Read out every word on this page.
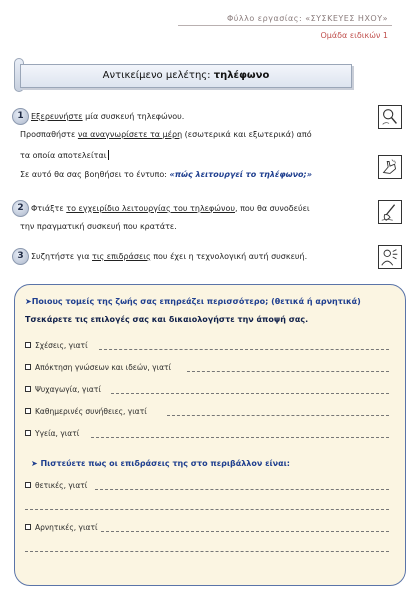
Φύλλο εργασίας: «ΣΥΣΚΕΥΕΣ ΗΧΟΥ»
Ομάδα ειδικών 1
Αντικείμενο μελέτης: τηλέφωνο
1 Εξερευνήστε μία συσκευή τηλεφώνου.
Προσπαθήστε να αναγνωρίσετε τα μέρη (εσωτερικά και εξωτερικά) από
τα οποία αποτελείται
Σε αυτό θα σας βοηθήσει το έντυπο: «πώς λειτουργεί το τηλέφωνο;»
2 Φτιάξτε το εγχειρίδιο λειτουργίας του τηλεφώνου, που θα συνοδεύει
την πραγματική συσκευή που κρατάτε.
3 Συζητήστε για τις επιδράσεις που έχει η τεχνολογική αυτή συσκευή.
➤Ποιους τομείς της ζωής σας επηρεάζει περισσότερο; (θετικά ή αρνητικά)
Τσεκάρετε τις επιλογές σας και δικαιολογήστε την άποψή σας.
Σχέσεις, γιατί
Απόκτηση γνώσεων και ιδεών, γιατί
Ψυχαγωγία, γιατί
Καθημερινές συνήθειες, γιατί
Υγεία, γιατί
➤ Πιστεύετε πως οι επιδράσεις της στο περιβάλλον είναι:
θετικές, γιατί
Αρνητικές, γιατί
